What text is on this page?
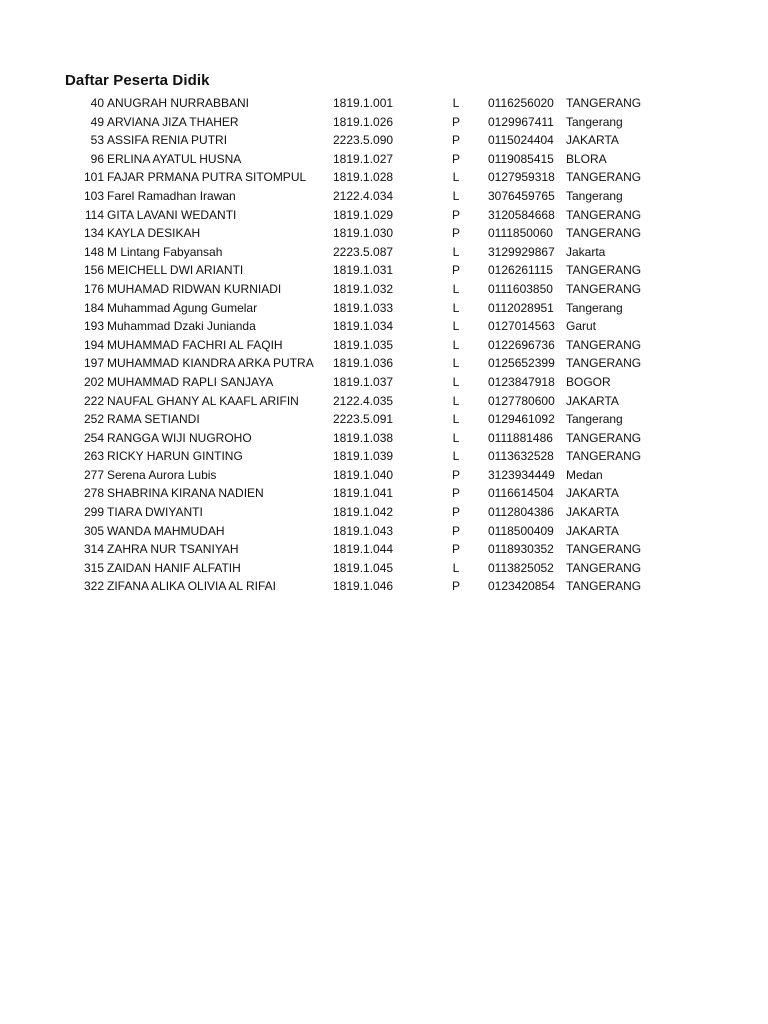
Daftar Peserta Didik
40 ANUGRAH NURRABBANI	1819.1.001	L	0116256020 TANGERANG
49 ARVIANA JIZA THAHER	1819.1.026	P	0129967411 Tangerang
53 ASSIFA RENIA PUTRI	2223.5.090	P	0115024404 JAKARTA
96 ERLINA AYATUL HUSNA	1819.1.027	P	0119085415 BLORA
101 FAJAR PRMANA PUTRA SITOMPUL	1819.1.028	L	0127959318 TANGERANG
103 Farel Ramadhan Irawan	2122.4.034	L	3076459765 Tangerang
114 GITA LAVANI WEDANTI	1819.1.029	P	3120584668 TANGERANG
134 KAYLA DESIKAH	1819.1.030	P	0111850060 TANGERANG
148 M Lintang Fabyansah	2223.5.087	L	3129929867 Jakarta
156 MEICHELL DWI ARIANTI	1819.1.031	P	0126261115 TANGERANG
176 MUHAMAD RIDWAN KURNIADI	1819.1.032	L	0111603850 TANGERANG
184 Muhammad Agung Gumelar	1819.1.033	L	0112028951 Tangerang
193 Muhammad Dzaki Junianda	1819.1.034	L	0127014563 Garut
194 MUHAMMAD FACHRI AL FAQIH	1819.1.035	L	0122696736 TANGERANG
197 MUHAMMAD KIANDRA ARKA PUTRA	1819.1.036	L	0125652399 TANGERANG
202 MUHAMMAD RAPLI SANJAYA	1819.1.037	L	0123847918 BOGOR
222 NAUFAL GHANY AL KAAFL ARIFIN	2122.4.035	L	0127780600 JAKARTA
252 RAMA SETIANDI	2223.5.091	L	0129461092 Tangerang
254 RANGGA WIJI NUGROHO	1819.1.038	L	0111881486 TANGERANG
263 RICKY HARUN GINTING	1819.1.039	L	0113632528 TANGERANG
277 Serena Aurora Lubis	1819.1.040	P	3123934449 Medan
278 SHABRINA KIRANA NADIEN	1819.1.041	P	0116614504 JAKARTA
299 TIARA DWIYANTI	1819.1.042	P	0112804386 JAKARTA
305 WANDA MAHMUDAH	1819.1.043	P	0118500409 JAKARTA
314 ZAHRA NUR TSANIYAH	1819.1.044	P	0118930352 TANGERANG
315 ZAIDAN HANIF ALFATIH	1819.1.045	L	0113825052 TANGERANG
322 ZIFANA ALIKA OLIVIA AL RIFAI	1819.1.046	P	0123420854 TANGERANG
